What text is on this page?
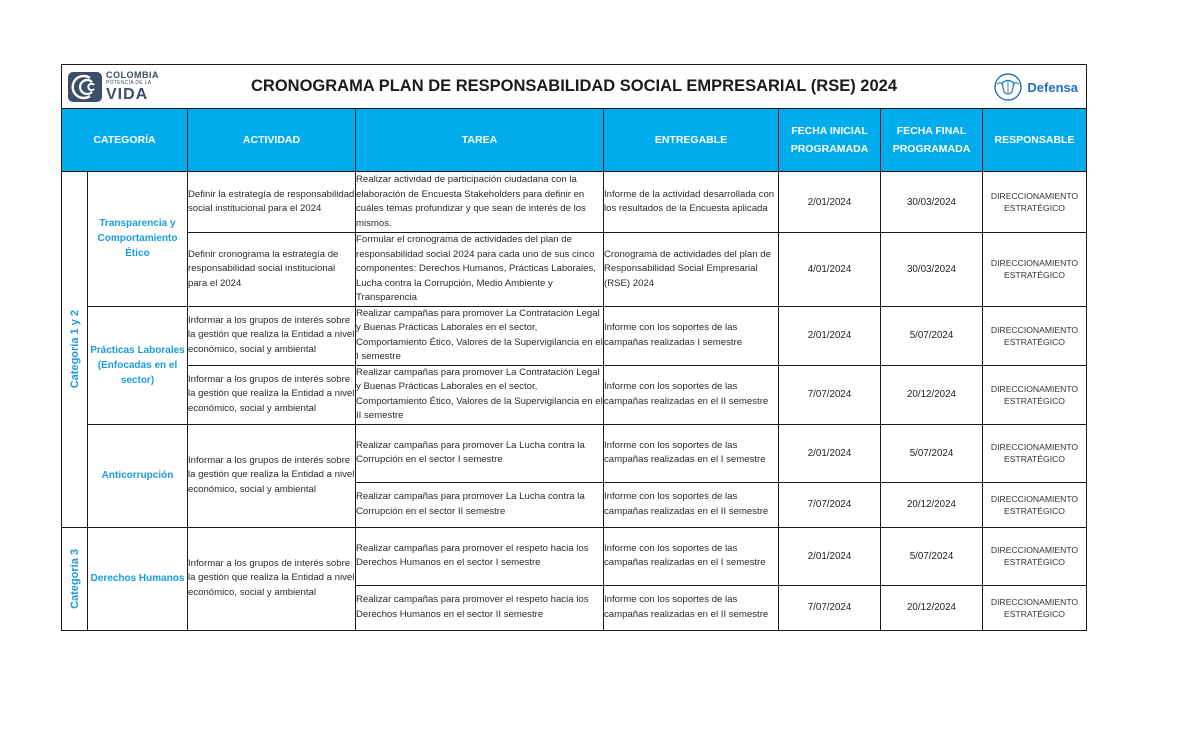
COLOMBIA
POTENCIA DE LA
VIDA CRONOGRAMA PLAN DE RESPONSABILIDAD SOCIAL EMPRESARIAL (RSE) 2024 Defensa							

CATEGORÍA		ACTIVIDAD	TAREA	ENTREGABLE	FECHA INICIAL PROGRAMADA	FECHA FINAL PROGRAMADA	RESPONSABLE

Categoría 1 y 2	Transparencia y Comportamiento Ético	Definir la estrategía de responsabilidad social institucional para el 2024	Realizar actividad de participación ciudadana con la elaboración de Encuesta Stakeholders para definir en cuáles temas profundizar y que sean de interés de los mismos.	Informe de la actividad desarrollada con los resultados de la Encuesta aplicada	2/01/2024	30/03/2024	DIRECCIONAMIENTO ESTRATÉGICO
		Definir cronograma la estrategía de responsabilidad social institucional para el 2024	Formular el cronograma de actividades del plan de responsabilidad social 2024 para cada uno de sus cinco componentes: Derechos Humanos, Prácticas Laborales, Lucha contra la Corrupción, Medio Ambiente y Transparencia	Cronograma de actividades del plan de Responsabilidad Social Empresarial (RSE) 2024	4/01/2024	30/03/2024	DIRECCIONAMIENTO ESTRATÉGICO
	Prácticas Laborales (Enfocadas en el sector)	Informar a los grupos de interés sobre la gestión que realiza la Entidad a nivel económico, social y ambiental	Realizar campañas para promover La Contratación Legal y Buenas Prácticas Laborales en el sector, Comportamiento Ético, Valores de la Supervigilancia en el I semestre	Informe con los soportes de las campañas realizadas I semestre	2/01/2024	5/07/2024	DIRECCIONAMIENTO ESTRATÉGICO
		Informar a los grupos de interés sobre la gestión que realiza la Entidad a nivel económico, social y ambiental	Realizar campañas para promover La Contratación Legal y Buenas Prácticas Laborales en el sector, Comportamiento Ético, Valores de la Supervigilancia en el II semestre	Informe con los soportes de las campañas realizadas en el II semestre	7/07/2024	20/12/2024	DIRECCIONAMIENTO ESTRATÉGICO
	Anticorrupción	Informar a los grupos de interés sobre la gestión que realiza la Entidad a nivel económico, social y ambiental	Realizar campañas para promover La Lucha contra la Corrupción en el sector I semestre	Informe con los soportes de las campañas realizadas en el I semestre	2/01/2024	5/07/2024	DIRECCIONAMIENTO ESTRATÉGICO
			Realizar campañas para promover La Lucha contra la Corrupción en el sector II semestre	Informe con los soportes de las campañas realizadas en el II semestre	7/07/2024	20/12/2024	DIRECCIONAMIENTO ESTRATÉGICO

Categoría 3	Derechos Humanos	Informar a los grupos de interés sobre la gestión que realiza la Entidad a nivel económico, social y ambiental	Realizar campañas para promover el respeto hacia los Derechos Humanos en el sector I semestre	Informe con los soportes de las campañas realizadas en el I semestre	2/01/2024	5/07/2024	DIRECCIONAMIENTO ESTRATÉGICO
			Realizar campañas para promover el respeto hacia los Derechos Humanos en el sector II semestre	Informe con los soportes de las campañas realizadas en el II semestre	7/07/2024	20/12/2024	DIRECCIONAMIENTO ESTRATÉGICO
